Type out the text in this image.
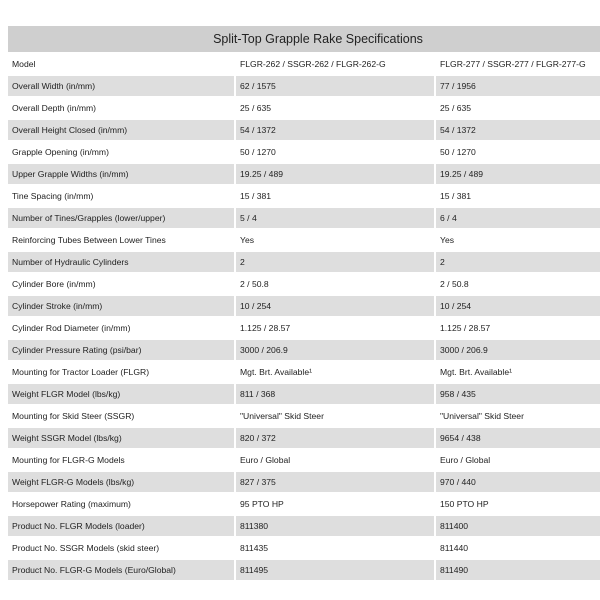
Split-Top Grapple Rake Specifications		
Model	FLGR-262 / SSGR-262 / FLGR-262-G	FLGR-277 / SSGR-277 / FLGR-277-G
Overall Width (in/mm)	62 / 1575	77 / 1956
Overall Depth (in/mm)	25 / 635	25 / 635
Overall Height Closed (in/mm)	54 / 1372	54 / 1372
Grapple Opening (in/mm)	50 / 1270	50 / 1270
Upper Grapple Widths (in/mm)	19.25 / 489	19.25 / 489
Tine Spacing (in/mm)	15 / 381	15 / 381
Number of Tines/Grapples (lower/upper)	5 / 4	6 / 4
Reinforcing Tubes Between Lower Tines	Yes	Yes
Number of Hydraulic Cylinders	2	2
Cylinder Bore (in/mm)	2 / 50.8	2 / 50.8
Cylinder Stroke (in/mm)	10 / 254	10 / 254
Cylinder Rod Diameter (in/mm)	1.125 / 28.57	1.125 / 28.57
Cylinder Pressure Rating (psi/bar)	3000 / 206.9	3000 / 206.9
Mounting for Tractor Loader (FLGR)	Mgt. Brt. Available¹	Mgt. Brt. Available¹
Weight FLGR Model (lbs/kg)	811 / 368	958 / 435
Mounting for Skid Steer (SSGR)	"Universal" Skid Steer	"Universal" Skid Steer
Weight SSGR Model (lbs/kg)	820 / 372	9654 / 438
Mounting for FLGR-G Models	Euro / Global	Euro / Global
Weight FLGR-G Models (lbs/kg)	827 / 375	970 / 440
Horsepower Rating (maximum)	95 PTO HP	150 PTO HP
Product No. FLGR Models (loader)	811380	811400
Product No. SSGR Models (skid steer)	811435	811440
Product No. FLGR-G Models (Euro/Global)	811495	811490
